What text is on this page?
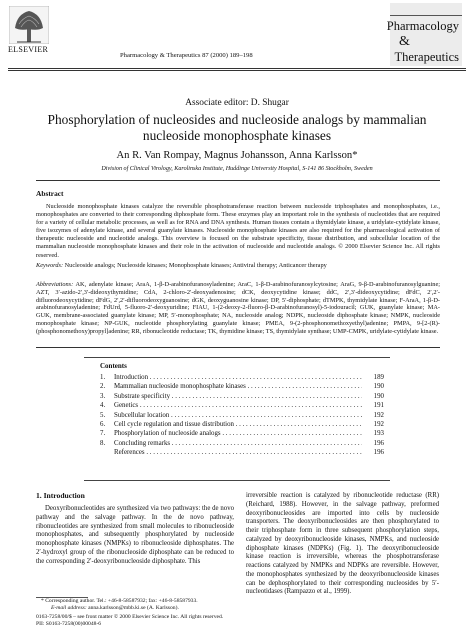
ELSEVIER
Pharmacology & Therapeutics 87 (2000) 189–198
Pharmacology
&
Therapeutics
Associate editor: D. Shugar
Phosphorylation of nucleosides and nucleoside analogs by mammalian nucleoside monophosphate kinases
An R. Van Rompay, Magnus Johansson, Anna Karlsson*
Division of Clinical Virology, Karolinska Institute, Huddinge University Hospital, S-141 86 Stockholm, Sweden
Abstract
Nucleoside monophosphate kinases catalyze the reversible phosphotransferase reaction between nucleoside triphosphates and monophosphates, i.e., monophosphates are converted to their corresponding diphosphate form. These enzymes play an important role in the synthesis of nucleotides that are required for a variety of cellular metabolic processes, as well as for RNA and DNA synthesis. Human tissues contain a thymidylate kinase, a uridylate-cytidylate kinase, five isozymes of adenylate kinase, and several guanylate kinases. Nucleoside monophosphate kinases are also required for the pharmacological activation of therapeutic nucleoside and nucleotide analogs. This overview is focused on the substrate specificity, tissue distribution, and subcellular location of the mammalian nucleoside monophosphate kinases and their role in the activation of nucleoside and nucleotide analogs. © 2000 Elsevier Science Inc. All rights reserved.
Keywords: Nucleoside analogs; Nucleoside kinases; Monophosphate kinases; Antiviral therapy; Anticancer therapy
Abbreviations: AK, adenylate kinase; AraA, 1-β-D-arabinofuranosyladenine; AraC, 1-β-D-arabinofuranosylcytosine; AraG, 9-β-D-arabinofuranosylguanine; AZT, 3′-azido-2′,3′-dideoxythymidine; CdA, 2-chloro-2′-deoxyadenosine; dCK, deoxycytidine kinase; ddC, 2′,3′-dideoxycytidine; dFdC, 2′,2′-difluorodeoxycytidine; dFdG, 2′,2′-difluorodeoxyguanosine; dGK, deoxyguanosine kinase; DP, 5′-diphosphate; dTMPK, thymidylate kinase; F-AraA, 1-β-D-arabinofuranosyladenine; FdUrd, 5-fluoro-2′-deoxyuridine; FIAU, 1-(2-deoxy-2-fluoro-β-D-arabinofuranosyl)-5-iodouracil; GUK, guanylate kinase; MA-GUK, membrane-associated guanylate kinase; MP, 5′-monophosphate; NA, nucleoside analog; NDPK, nucleoside diphosphate kinase; NMPK, nucleoside monophosphate kinase; NP-GUK, nucleotide phosphorylating guanylate kinase; PMEA, 9-(2-phosphonomethoxyethyl)adenine; PMPA, 9-[2-(R)-(phosphonomethoxy)propyl]adenine; RR, ribonucleotide reductase; TK, thymidine kinase; TS, thymidylate synthase; UMP-CMPK, uridylate-cytidylate kinase.
Contents
1.	Introduction . . .	189
2.	Mammalian nucleoside monophosphate kinases . . .	190
3.	Substrate specificity . . .	190
4.	Genetics . . .	191
5.	Subcellular location . . .	192
6.	Cell cycle regulation and tissue distribution . . .	192
7.	Phosphorylation of nucleoside analogs . . .	193
8.	Concluding remarks . . .	196
References . . .	196
1. Introduction
Deoxyribonucleotides are synthesized via two pathways: the de novo pathway and the salvage pathway. In the de novo pathway, ribonucleotides are synthesized from small molecules to ribonucleoside monophosphates, and subsequently phosphorylated by nucleoside monophosphate kinases (NMPKs) to ribonucleoside diphosphates. The 2′-hydroxyl group of the ribonucleoside diphosphate can be reduced to the corresponding 2′-deoxyribonucleoside diphosphate. This
irreversible reaction is catalyzed by ribonucleotide reductase (RR) (Reichard, 1988). However, in the salvage pathway, preformed deoxyribonucleosides are imported into cells by nucleoside transporters. The deoxyribonucleosides are then phosphorylated to their triphosphate form in three subsequent phosphorylation steps, catalyzed by deoxyribonucleoside kinases, NMPKs, and nucleoside diphosphate kinases (NDPKs) (Fig. 1). The deoxyribonucleoside kinase reaction is irreversible, whereas the phosphotransferase reactions catalyzed by NMPKs and NDPKs are reversible. However, the monophosphates synthesized by the deoxyribonucleoside kinases can be dephosphorylated to their corresponding nucleosides by 5′-nucleotidases (Rampazzo et al., 1999).
* Corresponding author. Tel.: +46-8-58587932; fax: +46-8-58587933.
E-mail address: anna.karlsson@mbb.ki.se (A. Karlsson).
0163-7258/00/$ – see front matter © 2000 Elsevier Science Inc. All rights reserved.
PII: S0163-7258(00)00048-6
